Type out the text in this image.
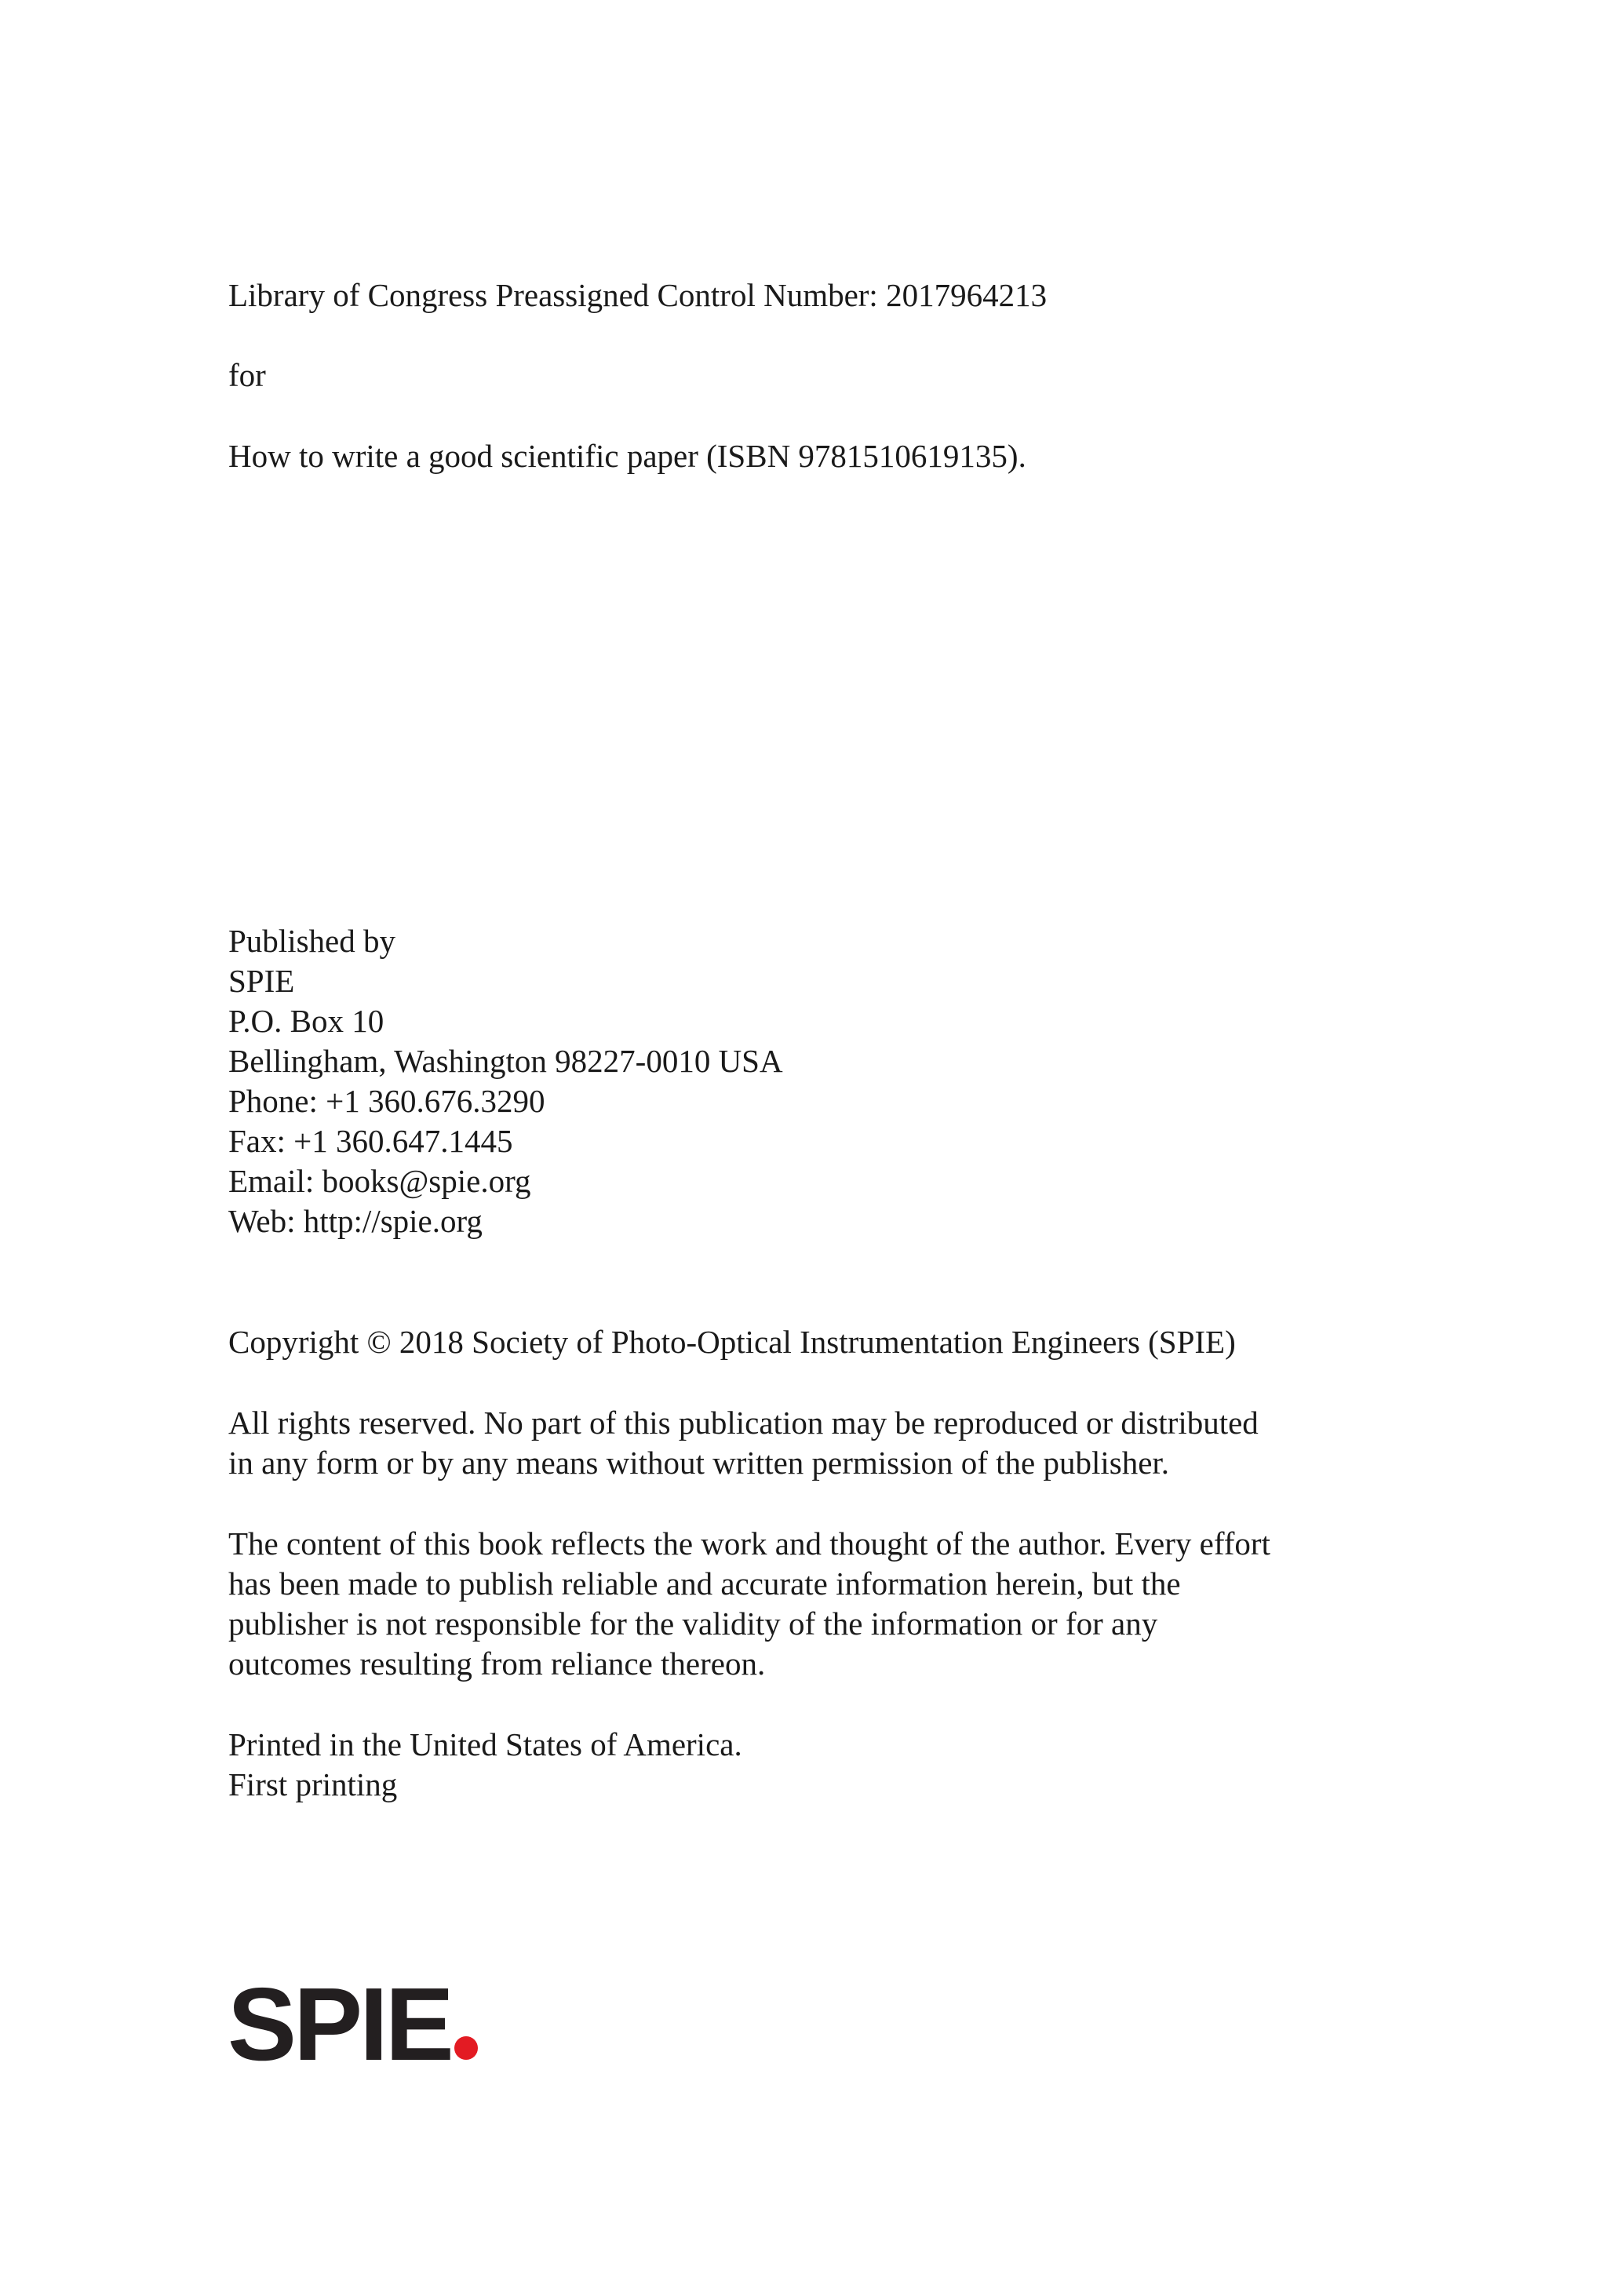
Library of Congress Preassigned Control Number: 2017964213

for

How to write a good scientific paper (ISBN 9781510619135).

Published by

SPIE

P.O. Box 10

Bellingham, Washington 98227-0010 USA

Phone: +1 360.676.3290

Fax: +1 360.647.1445

Email: books@spie.org

Web: http://spie.org

Copyright © 2018 Society of Photo-Optical Instrumentation Engineers (SPIE)

All rights reserved. No part of this publication may be reproduced or distributed

in any form or by any means without written permission of the publisher.

The content of this book reflects the work and thought of the author. Every effort

has been made to publish reliable and accurate information herein, but the

publisher is not responsible for the validity of the information or for any

outcomes resulting from reliance thereon.

Printed in the United States of America.

First printing

SPIE
